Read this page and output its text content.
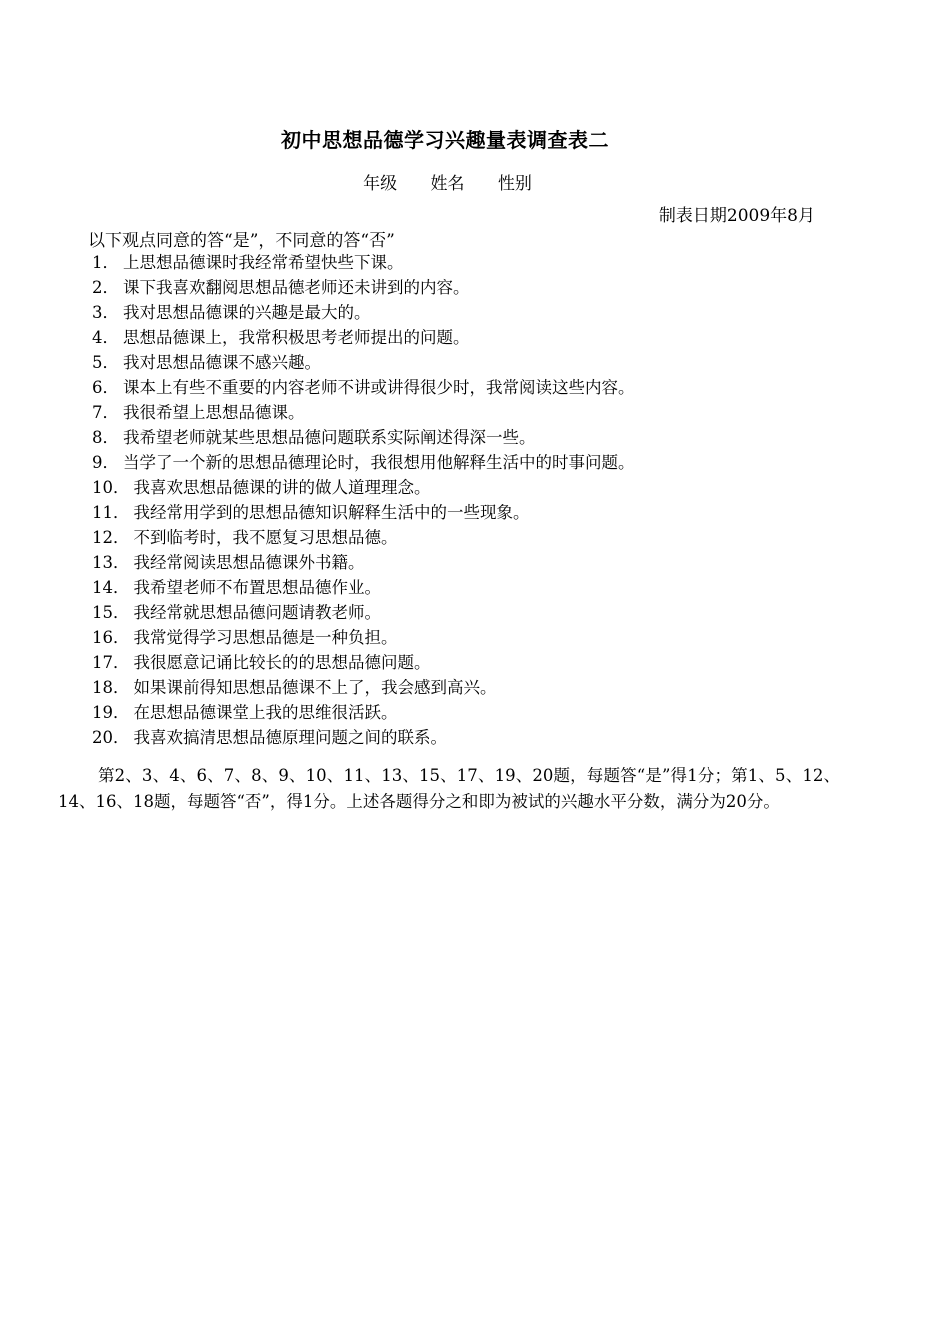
初中思想品德学习兴趣量表调查表二
年级 姓名 性别
制表日期2009年8月
以下观点同意的答“是”，不同意的答“否”
1． 上思想品德课时我经常希望快些下课。
2． 课下我喜欢翻阅思想品德老师还未讲到的内容。
3． 我对思想品德课的兴趣是最大的。
4． 思想品德课上，我常积极思考老师提出的问题。
5． 我对思想品德课不感兴趣。
6． 课本上有些不重要的内容老师不讲或讲得很少时，我常阅读这些内容。
7． 我很希望上思想品德课。
8． 我希望老师就某些思想品德问题联系实际阐述得深一些。
9． 当学了一个新的思想品德理论时，我很想用他解释生活中的时事问题。
10． 我喜欢思想品德课的讲的做人道理理念。
11． 我经常用学到的思想品德知识解释生活中的一些现象。
12． 不到临考时，我不愿复习思想品德。
13． 我经常阅读思想品德课外书籍。
14． 我希望老师不布置思想品德作业。
15． 我经常就思想品德问题请教老师。
16． 我常觉得学习思想品德是一种负担。
17． 我很愿意记诵比较长的的思想品德问题。
18． 如果课前得知思想品德课不上了，我会感到高兴。
19． 在思想品德课堂上我的思维很活跃。
20． 我喜欢搞清思想品德原理问题之间的联系。

第2、3、4、6、7、8、9、10、11、13、15、17、19、20题，每题答“是”得1分；第1、5、12、14、16、18题，每题答“否”，得1分。上述各题得分之和即为被试的兴趣水平分数，满分为20分。
